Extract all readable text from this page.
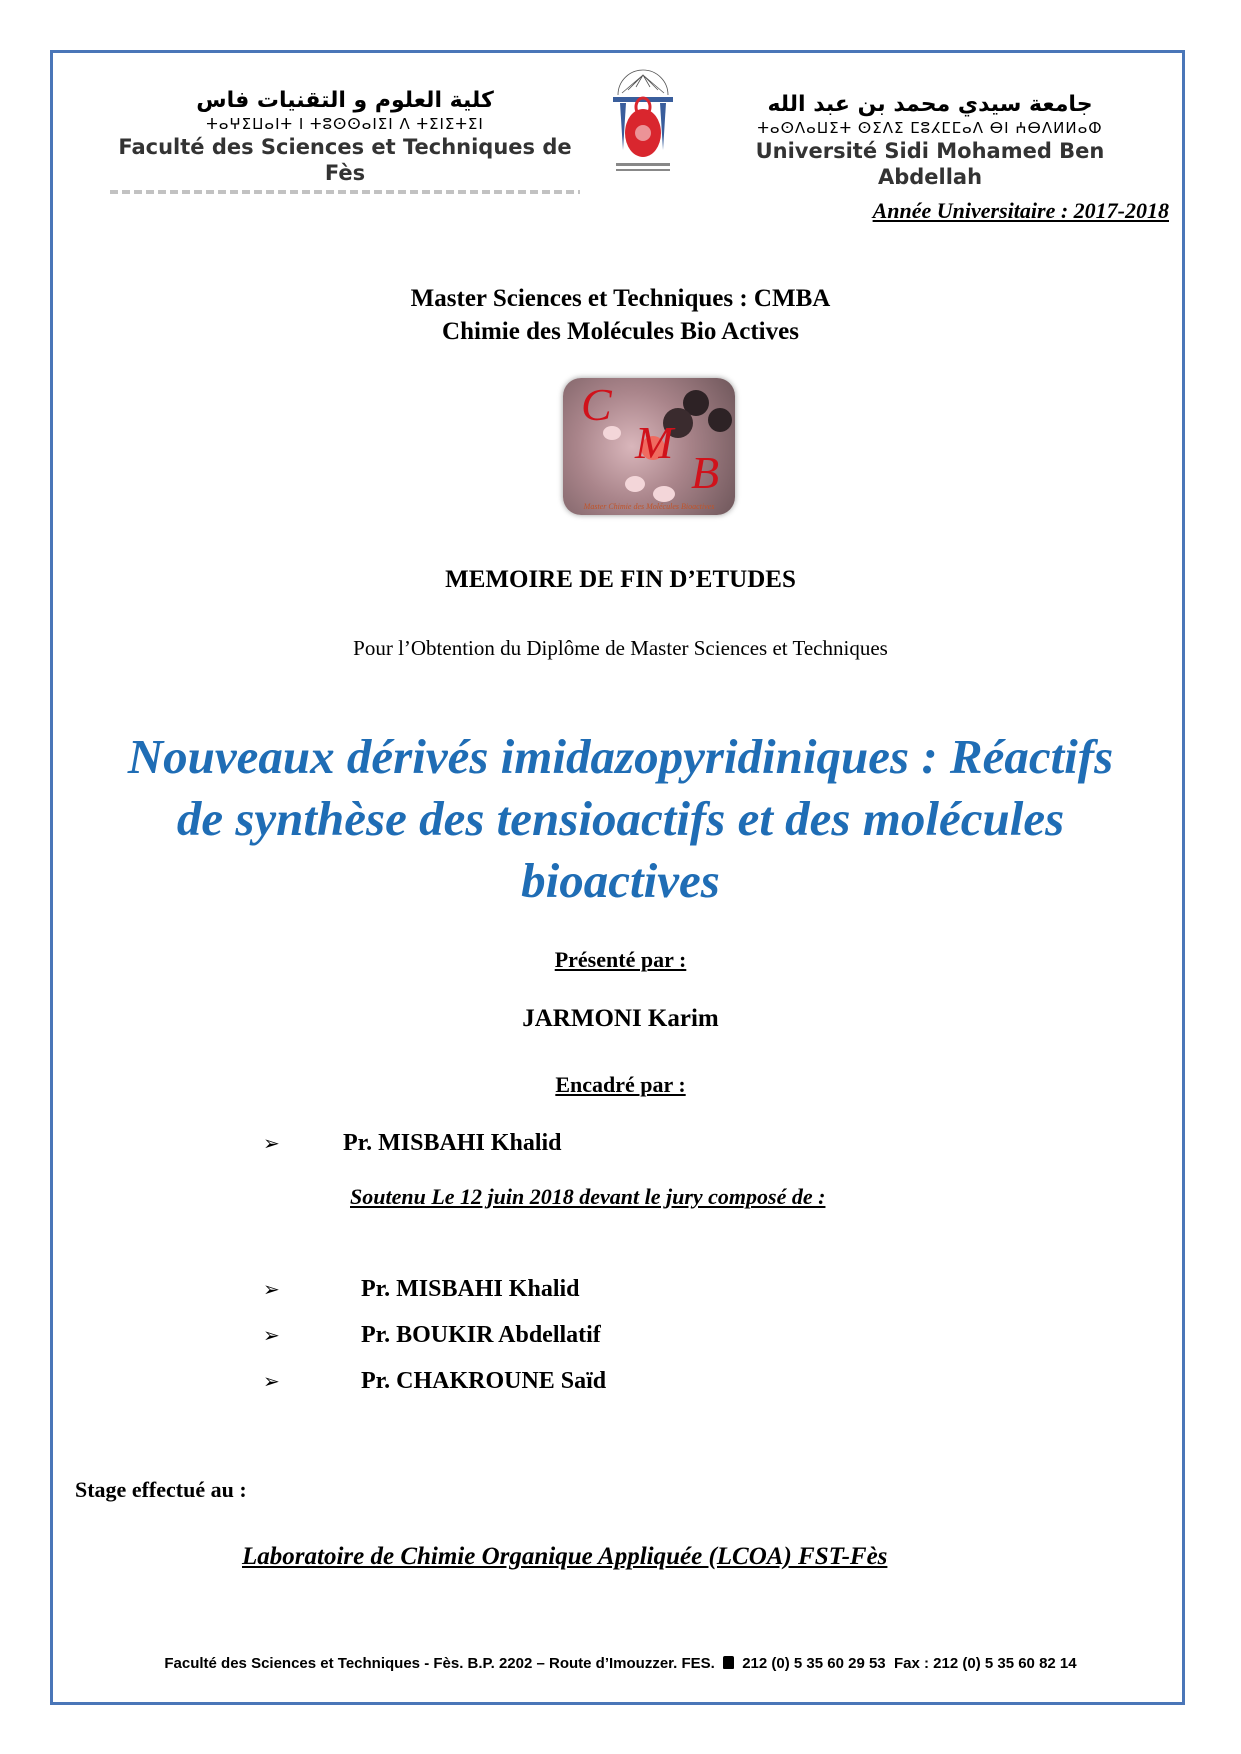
كلية العلوم و التقنيات فاس
ⵜⴰⵖⵉⵡⴰⵏⵜ ⵏ ⵜⵓⵙⵙⴰⵏⵉⵏ ⴷ ⵜⵉⵏⵉⵜⵉⵏ
Faculté des Sciences et Techniques de Fès
جامعة سيدي محمد بن عبد الله
ⵜⴰⵙⴷⴰⵡⵉⵜ ⵙⵉⴷⵉ ⵎⵓⵃⵎⵎⴰⴷ ⴱⵏ ⵄⴱⴷⵍⵍⴰⵀ
Université Sidi Mohamed Ben Abdellah
Année Universitaire : 2017-2018
Master Sciences et Techniques : CMBA
Chimie des Molécules Bio Actives
C
M
B
Master Chimie des Molécules Bioactives
MEMOIRE DE FIN D’ETUDES
Pour l’Obtention du Diplôme de Master Sciences et Techniques
Nouveaux dérivés imidazopyridiniques : Réactifs
de synthèse des tensioactifs et des molécules
bioactives
Présenté par :
JARMONI Karim
Encadré par :
➢	Pr. MISBAHI Khalid
Soutenu Le 12 juin 2018 devant le jury composé de :
➢	Pr. MISBAHI Khalid
➢	Pr. BOUKIR Abdellatif
➢	Pr. CHAKROUNE Saïd
Stage effectué au :
Laboratoire de Chimie Organique Appliquée (LCOA) FST-Fès
Faculté des Sciences et Techniques - Fès. B.P. 2202 – Route d’Imouzzer. FES. 212 (0) 5 35 60 29 53 Fax : 212 (0) 5 35 60 82 14
